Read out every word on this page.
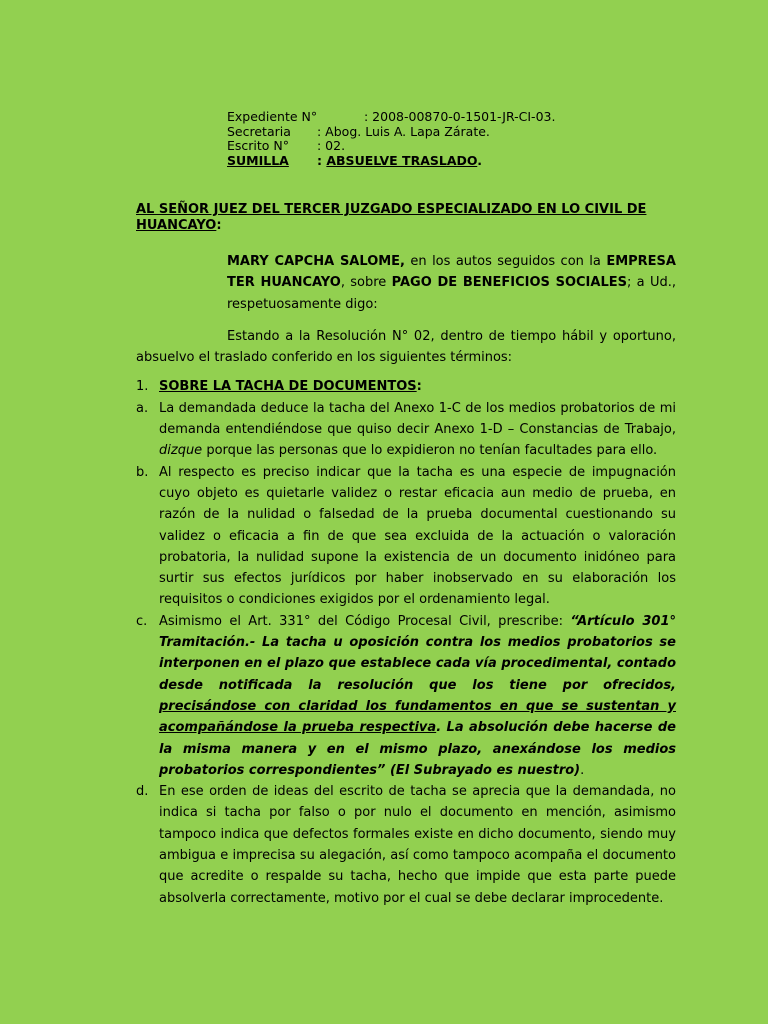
Expediente N°	: 2008-00870-0-1501-JR-CI-03.
Secretaria : Abog. Luis A. Lapa Zárate.
Escrito N° : 02.
SUMILLA : ABSUELVE TRASLADO.
AL SEÑOR JUEZ DEL TERCER JUZGADO ESPECIALIZADO EN LO CIVIL DE HUANCAYO:
MARY CAPCHA SALOME, en los autos seguidos con la EMPRESA TER HUANCAYO, sobre PAGO DE BENEFICIOS SOCIALES; a Ud., respetuosamente digo:
Estando a la Resolución N° 02, dentro de tiempo hábil y oportuno, absuelvo el traslado conferido en los siguientes términos:
1. SOBRE LA TACHA DE DOCUMENTOS:
a. La demandada deduce la tacha del Anexo 1-C de los medios probatorios de mi demanda entendiéndose que quiso decir Anexo 1-D – Constancias de Trabajo, dizque porque las personas que lo expidieron no tenían facultades para ello.
b. Al respecto es preciso indicar que la tacha es una especie de impugnación cuyo objeto es quietarle validez o restar eficacia aun medio de prueba, en razón de la nulidad o falsedad de la prueba documental cuestionando su validez o eficacia a fin de que sea excluida de la actuación o valoración probatoria, la nulidad supone la existencia de un documento inidóneo para surtir sus efectos jurídicos por haber inobservado en su elaboración los requisitos o condiciones exigidos por el ordenamiento legal.
c. Asimismo el Art. 331° del Código Procesal Civil, prescribe: “Artículo 301° Tramitación.- La tacha u oposición contra los medios probatorios se interponen en el plazo que establece cada vía procedimental, contado desde notificada la resolución que los tiene por ofrecidos, precisándose con claridad los fundamentos en que se sustentan y acompañándose la prueba respectiva. La absolución debe hacerse de la misma manera y en el mismo plazo, anexándose los medios probatorios correspondientes” (El Subrayado es nuestro).
d. En ese orden de ideas del escrito de tacha se aprecia que la demandada, no indica si tacha por falso o por nulo el documento en mención, asimismo tampoco indica que defectos formales existe en dicho documento, siendo muy ambigua e imprecisa su alegación, así como tampoco acompaña el documento que acredite o respalde su tacha, hecho que impide que esta parte puede absolverla correctamente, motivo por el cual se debe declarar improcedente.
